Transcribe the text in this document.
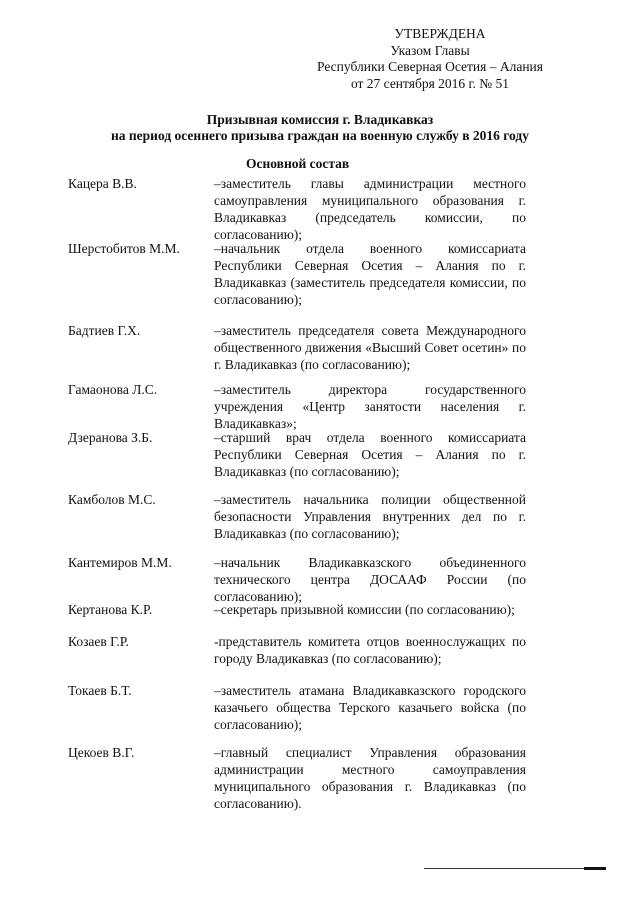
УТВЕРЖДЕНА
Указом Главы
Республики Северная Осетия – Алания
от 27 сентября 2016 г. № 51
Призывная комиссия г. Владикавказ
на период осеннего призыва граждан на военную службу в 2016 году
Основной состав
Кацера В.В.	–заместитель главы администрации местного самоуправления муниципального образования г. Владикавказ (председатель комиссии, по согласованию);
Шерстобитов М.М.	–начальник отдела военного комиссариата Республики Северная Осетия – Алания по г. Владикавказ (заместитель председателя комиссии, по согласованию);
Бадтиев Г.Х.	–заместитель председателя совета Международного общественного движения «Высший Совет осетин» по г. Владикавказ (по согласованию);
Гамаонова Л.С.	–заместитель директора государственного учреждения «Центр занятости населения г. Владикавказ»;
Дзеранова З.Б.	–старший врач отдела военного комиссариата Республики Северная Осетия – Алания по г. Владикавказ (по согласованию);
Камболов М.С.	–заместитель начальника полиции общественной безопасности Управления внутренних дел по г. Владикавказ (по согласованию);
Кантемиров М.М.	–начальник Владикавказского объединенного технического центра ДОСААФ России (по согласованию);
Кертанова К.Р.	–секретарь призывной комиссии (по согласованию);
Козаев Г.Р.	-представитель комитета отцов военнослужащих по городу Владикавказ (по согласованию);
Токаев Б.Т.	–заместитель атамана Владикавказского городского казачьего общества Терского казачьего войска (по согласованию);
Цекоев В.Г.	–главный специалист Управления образования администрации местного самоуправления муниципального образования г. Владикавказ (по согласованию).
